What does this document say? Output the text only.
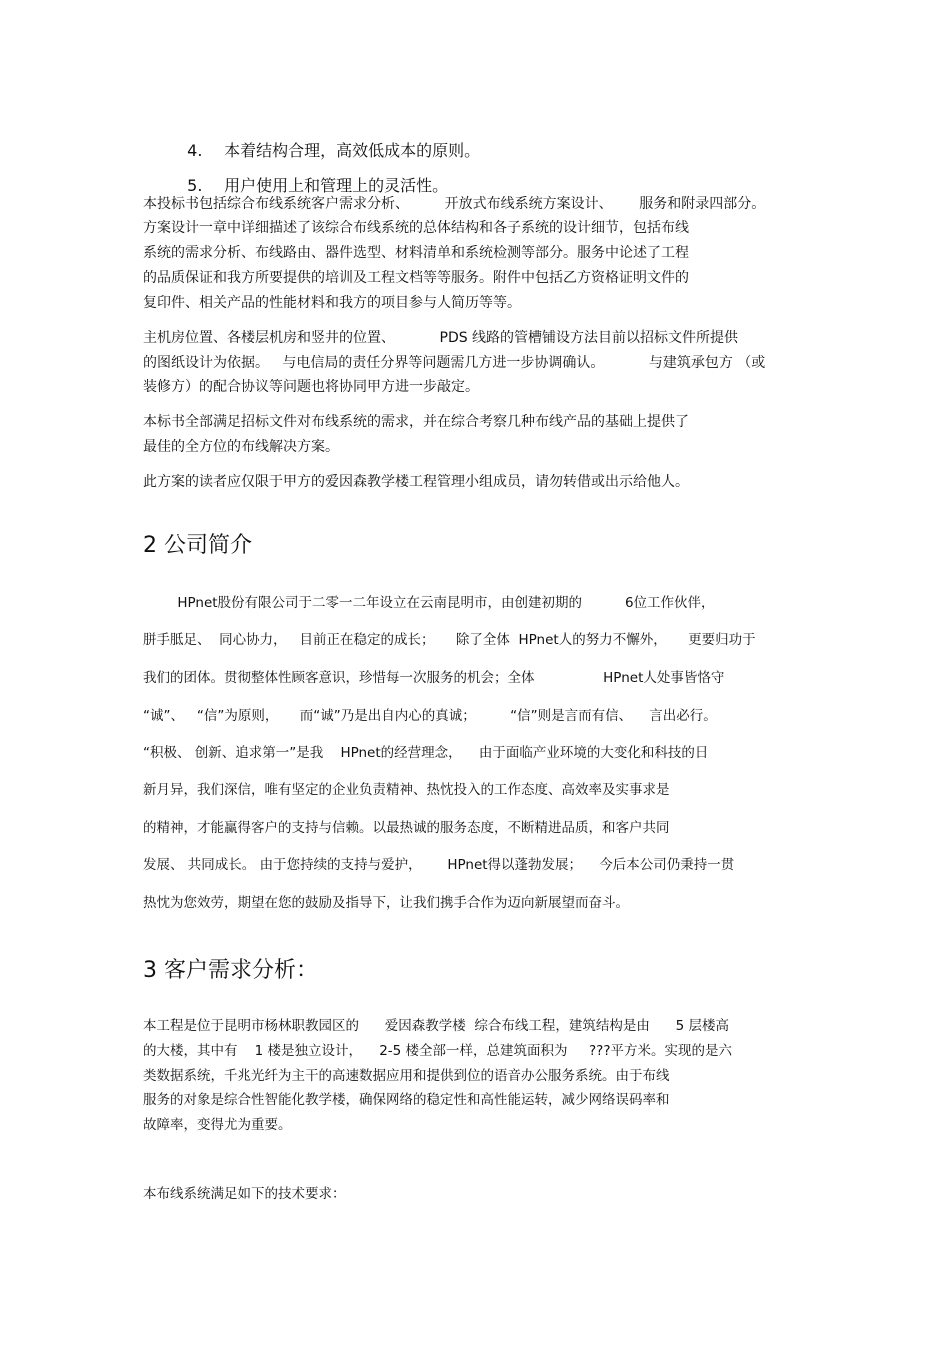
4. 本着结构合理，高效低成本的原则。

5. 用户使用上和管理上的灵活性。

本投标书包括综合布线系统客户需求分析、        开放式布线系统方案设计、      服务和附录四部分。
方案设计一章中详细描述了该综合布线系统的总体结构和各子系统的设计细节，包括布线
系统的需求分析、布线路由、器件选型、材料清单和系统检测等部分。服务中论述了工程
的品质保证和我方所要提供的培训及工程文档等等服务。附件中包括乙方资格证明文件的
复印件、相关产品的性能材料和我方的项目参与人简历等等。
主机房位置、各楼层机房和竖井的位置、          PDS 线路的管槽铺设方法目前以招标文件所提供
的图纸设计为依据。   与电信局的责任分界等问题需几方进一步协调确认。          与建筑承包方 （或
装修方）的配合协议等问题也将协同甲方进一步敲定。
本标书全部满足招标文件对布线系统的需求，并在综合考察几种布线产品的基础上提供了
最佳的全方位的布线解决方案。
此方案的读者应仅限于甲方的爱因森教学楼工程管理小组成员，请勿转借或出示给他人。
2 公司简介
HPnet股份有限公司于二零一二年设立在云南昆明市，由创建初期的          6位工作伙伴，
胼手胝足、  同心协力，   目前正在稳定的成长；     除了全体  HPnet人的努力不懈外，     更要归功于
我们的团体。贯彻整体性顾客意识，珍惜每一次服务的机会；全体                HPnet人处事皆恪守
“诚”、   “信”为原则，     而“诚”乃是出自内心的真诚；        “信”则是言而有信、    言出必行。
“积极、 创新、追求第一”是我    HPnet的经营理念，    由于面临产业环境的大变化和科技的日
新月异，我们深信，唯有坚定的企业负责精神、热忱投入的工作态度、高效率及实事求是
的精神，才能赢得客户的支持与信赖。以最热诚的服务态度，不断精进品质，和客户共同
发展、 共同成长。 由于您持续的支持与爱护，      HPnet得以蓬勃发展；    今后本公司仍秉持一贯
热忱为您效劳，期望在您的鼓励及指导下，让我们携手合作为迈向新展望而奋斗。
3 客户需求分析：
本工程是位于昆明市杨林职教园区的      爱因森教学楼  综合布线工程，建筑结构是由      5 层楼高
的大楼，其中有    1 楼是独立设计，    2-5 楼全部一样，总建筑面积为     ???平方米。实现的是六
类数据系统，千兆光纤为主干的高速数据应用和提供到位的语音办公服务系统。由于布线
服务的对象是综合性智能化教学楼，确保网络的稳定性和高性能运转，减少网络误码率和
故障率，变得尤为重要。
本布线系统满足如下的技术要求：
